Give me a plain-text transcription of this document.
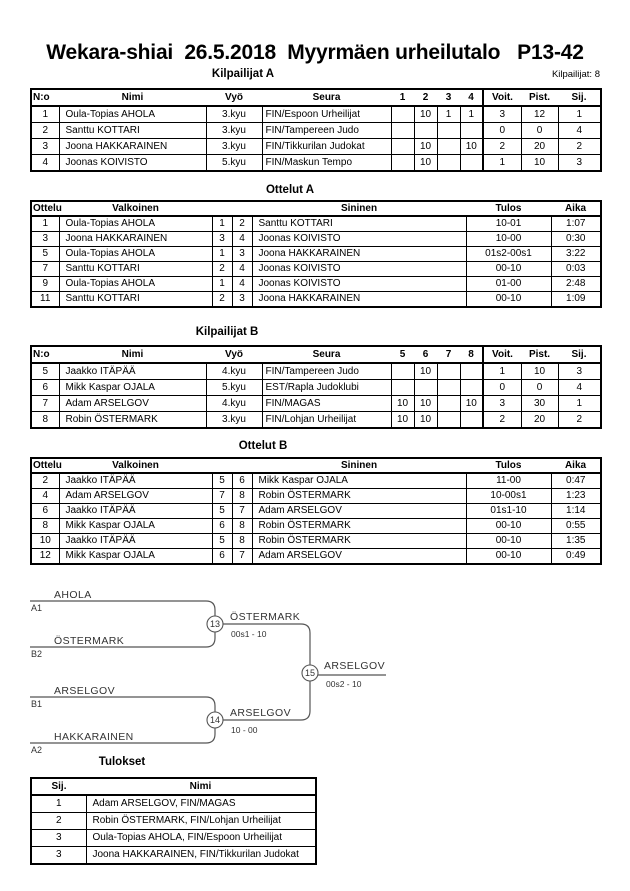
Wekara-shiai  26.5.2018  Myyrmäen urheilutalo   P13-42
Kilpailijat A	Kilpailijat: 8
N:o	Nimi	Vyö	Seura	1	2	3	4	Voit.	Pist.	Sij.
1	Oula-Topias AHOLA	3.kyu	FIN/Espoon Urheilijat		10	1	1	3	12	1
2	Santtu KOTTARI	3.kyu	FIN/Tampereen Judo					0	0	4
3	Joona HAKKARAINEN	3.kyu	FIN/Tikkurilan Judokat		10		10	2	20	2
4	Joonas KOIVISTO	5.kyu	FIN/Maskun Tempo		10			1	10	3
Ottelut A
Ottelu	Valkoinen			Sininen	Tulos	Aika
1	Oula-Topias AHOLA	1	2	Santtu KOTTARI	10-01	1:07
3	Joona HAKKARAINEN	3	4	Joonas KOIVISTO	10-00	0:30
5	Oula-Topias AHOLA	1	3	Joona HAKKARAINEN	01s2-00s1	3:22
7	Santtu KOTTARI	2	4	Joonas KOIVISTO	00-10	0:03
9	Oula-Topias AHOLA	1	4	Joonas KOIVISTO	01-00	2:48
11	Santtu KOTTARI	2	3	Joona HAKKARAINEN	00-10	1:09
Kilpailijat B
N:o	Nimi	Vyö	Seura	5	6	7	8	Voit.	Pist.	Sij.
5	Jaakko ITÄPÄÄ	4.kyu	FIN/Tampereen Judo		10			1	10	3
6	Mikk Kaspar OJALA	5.kyu	EST/Rapla Judoklubi					0	0	4
7	Adam ARSELGOV	4.kyu	FIN/MAGAS	10	10		10	3	30	1
8	Robin ÖSTERMARK	3.kyu	FIN/Lohjan Urheilijat	10	10			2	20	2
Ottelut B
Ottelu	Valkoinen			Sininen	Tulos	Aika
2	Jaakko ITÄPÄÄ	5	6	Mikk Kaspar OJALA	11-00	0:47
4	Adam ARSELGOV	7	8	Robin ÖSTERMARK	10-00s1	1:23
6	Jaakko ITÄPÄÄ	5	7	Adam ARSELGOV	01s1-10	1:14
8	Mikk Kaspar OJALA	6	8	Robin ÖSTERMARK	00-10	0:55
10	Jaakko ITÄPÄÄ	5	8	Robin ÖSTERMARK	00-10	1:35
12	Mikk Kaspar OJALA	6	7	Adam ARSELGOV	00-10	0:49
13
14
15
AHOLA
A1
ÖSTERMARK
B2
ÖSTERMARK
00s1 - 10
ARSELGOV
B1
HAKKARAINEN
A2
ARSELGOV
10 - 00
ARSELGOV
00s2 - 10
Tulokset
Sij.	Nimi
1	Adam ARSELGOV, FIN/MAGAS
2	Robin ÖSTERMARK, FIN/Lohjan Urheilijat
3	Oula-Topias AHOLA, FIN/Espoon Urheilijat
3	Joona HAKKARAINEN, FIN/Tikkurilan Judokat
